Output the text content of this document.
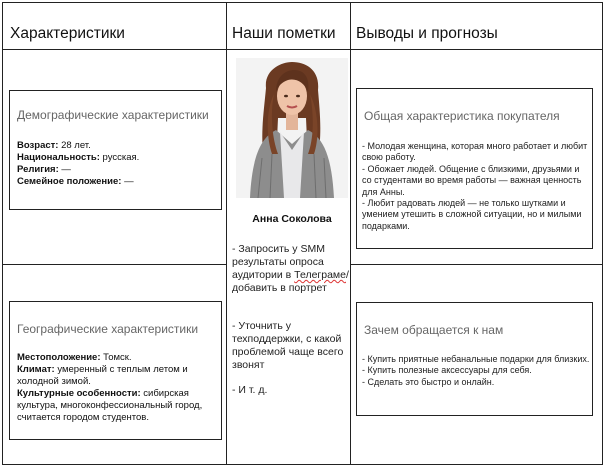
Характеристики	Наши пометки Выводы и прогнозы
Демографические характеристики
Возраст: 28 лет.
Национальность: русская.
Религия: —
Семейное положение: —
Географические характеристики
Местоположение: Томск.
Климат: умеренный с теплым летом и холодной зимой.
Культурные особенности: сибирская культура, многоконфессиональный город, считается городом студентов.
Анна Соколова
- Запросить у SMM результаты опроса аудитории в Телеграме/добавить в портрет
- Уточнить у техподдержки, с какой проблемой чаще всего звонят
- И т. д.
Общая характеристика покупателя
- Молодая женщина, которая много работает и любит свою работу.
- Обожает людей. Общение с близкими, друзьями и со студентами во время работы — важная ценность для Анны.
- Любит радовать людей — не только шутками и умением утешить в сложной ситуации, но и милыми подарками.
Зачем обращается к нам
- Купить приятные небанальные подарки для близких.
- Купить полезные аксессуары для себя.
- Сделать это быстро и онлайн.
